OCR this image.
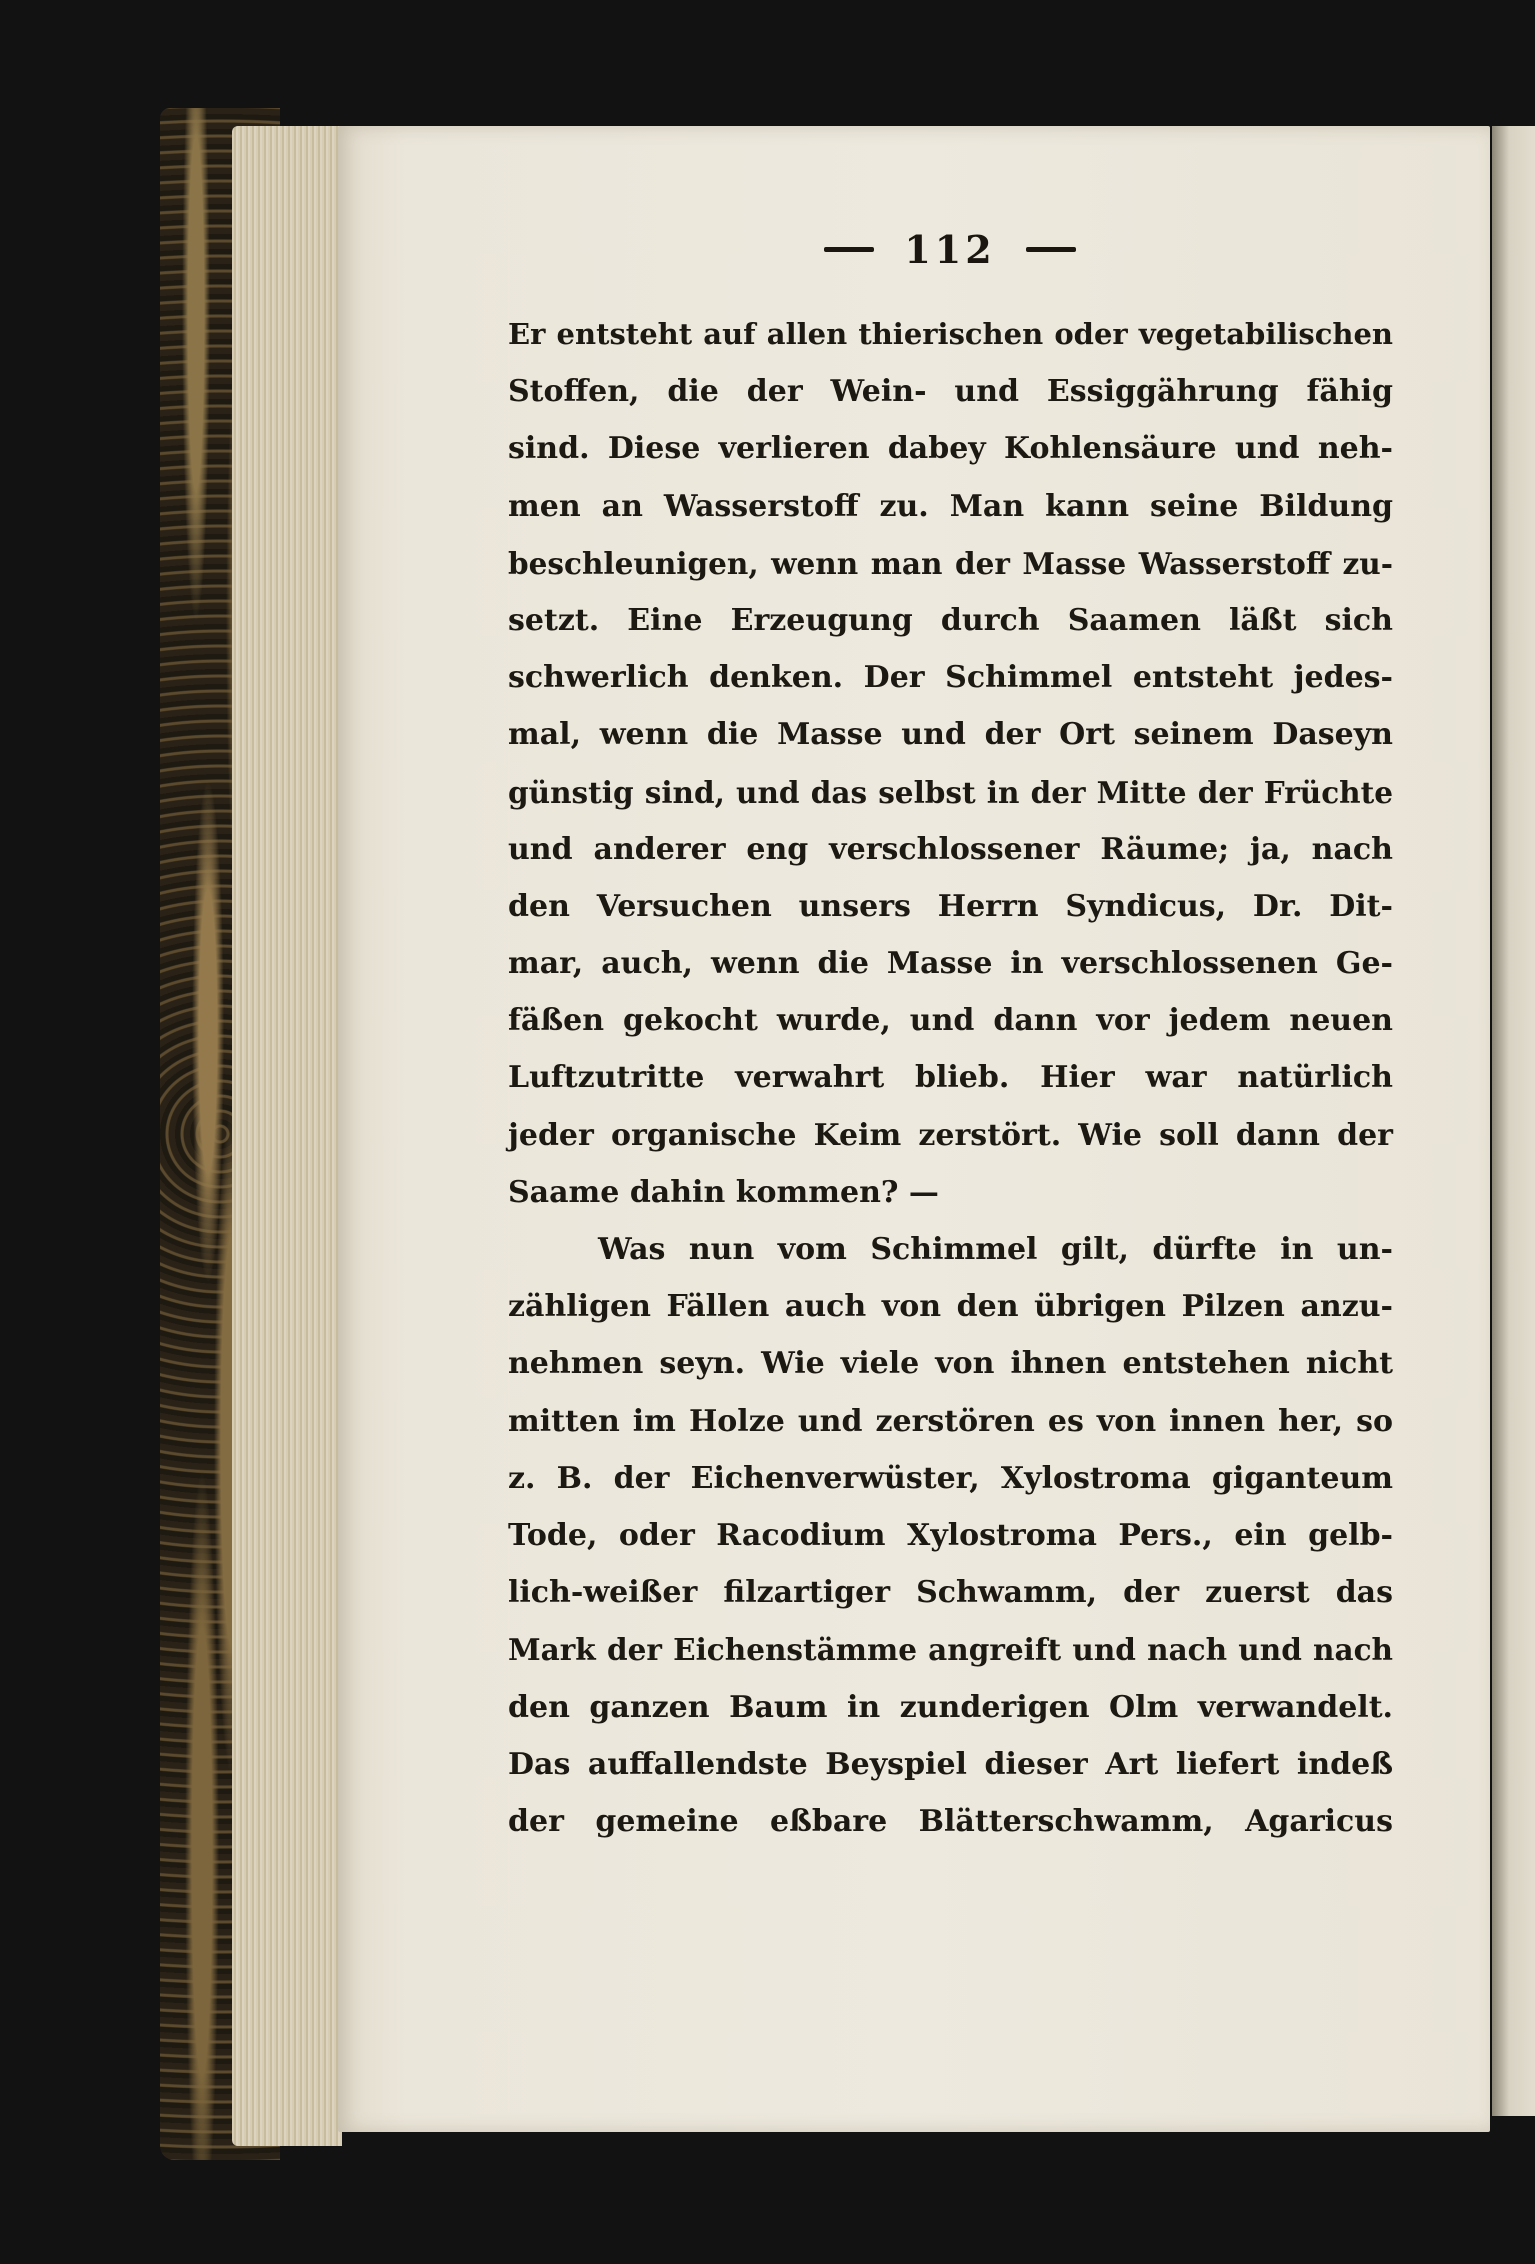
112
Er entsteht auf allen thierischen oder vegetabilischen
Stoffen, die der Wein- und Essiggährung fähig
sind. Diese verlieren dabey Kohlensäure und neh-
men an Wasserstoff zu. Man kann seine Bildung
beschleunigen, wenn man der Masse Wasserstoff zu-
setzt. Eine Erzeugung durch Saamen läßt sich
schwerlich denken. Der Schimmel entsteht jedes-
mal, wenn die Masse und der Ort seinem Daseyn
günstig sind, und das selbst in der Mitte der Früchte
und anderer eng verschlossener Räume; ja, nach
den Versuchen unsers Herrn Syndicus, Dr. Dit-
mar, auch, wenn die Masse in verschlossenen Ge-
fäßen gekocht wurde, und dann vor jedem neuen
Luftzutritte verwahrt blieb. Hier war natürlich
jeder organische Keim zerstört. Wie soll dann der
Saame dahin kommen? —
Was nun vom Schimmel gilt, dürfte in un-
zähligen Fällen auch von den übrigen Pilzen anzu-
nehmen seyn. Wie viele von ihnen entstehen nicht
mitten im Holze und zerstören es von innen her, so
z. B. der Eichenverwüster, Xylostroma giganteum
Tode, oder Racodium Xylostroma Pers., ein gelb-
lich-weißer filzartiger Schwamm, der zuerst das
Mark der Eichenstämme angreift und nach und nach
den ganzen Baum in zunderigen Olm verwandelt.
Das auffallendste Beyspiel dieser Art liefert indeß
der gemeine eßbare Blätterschwamm, Agaricus
